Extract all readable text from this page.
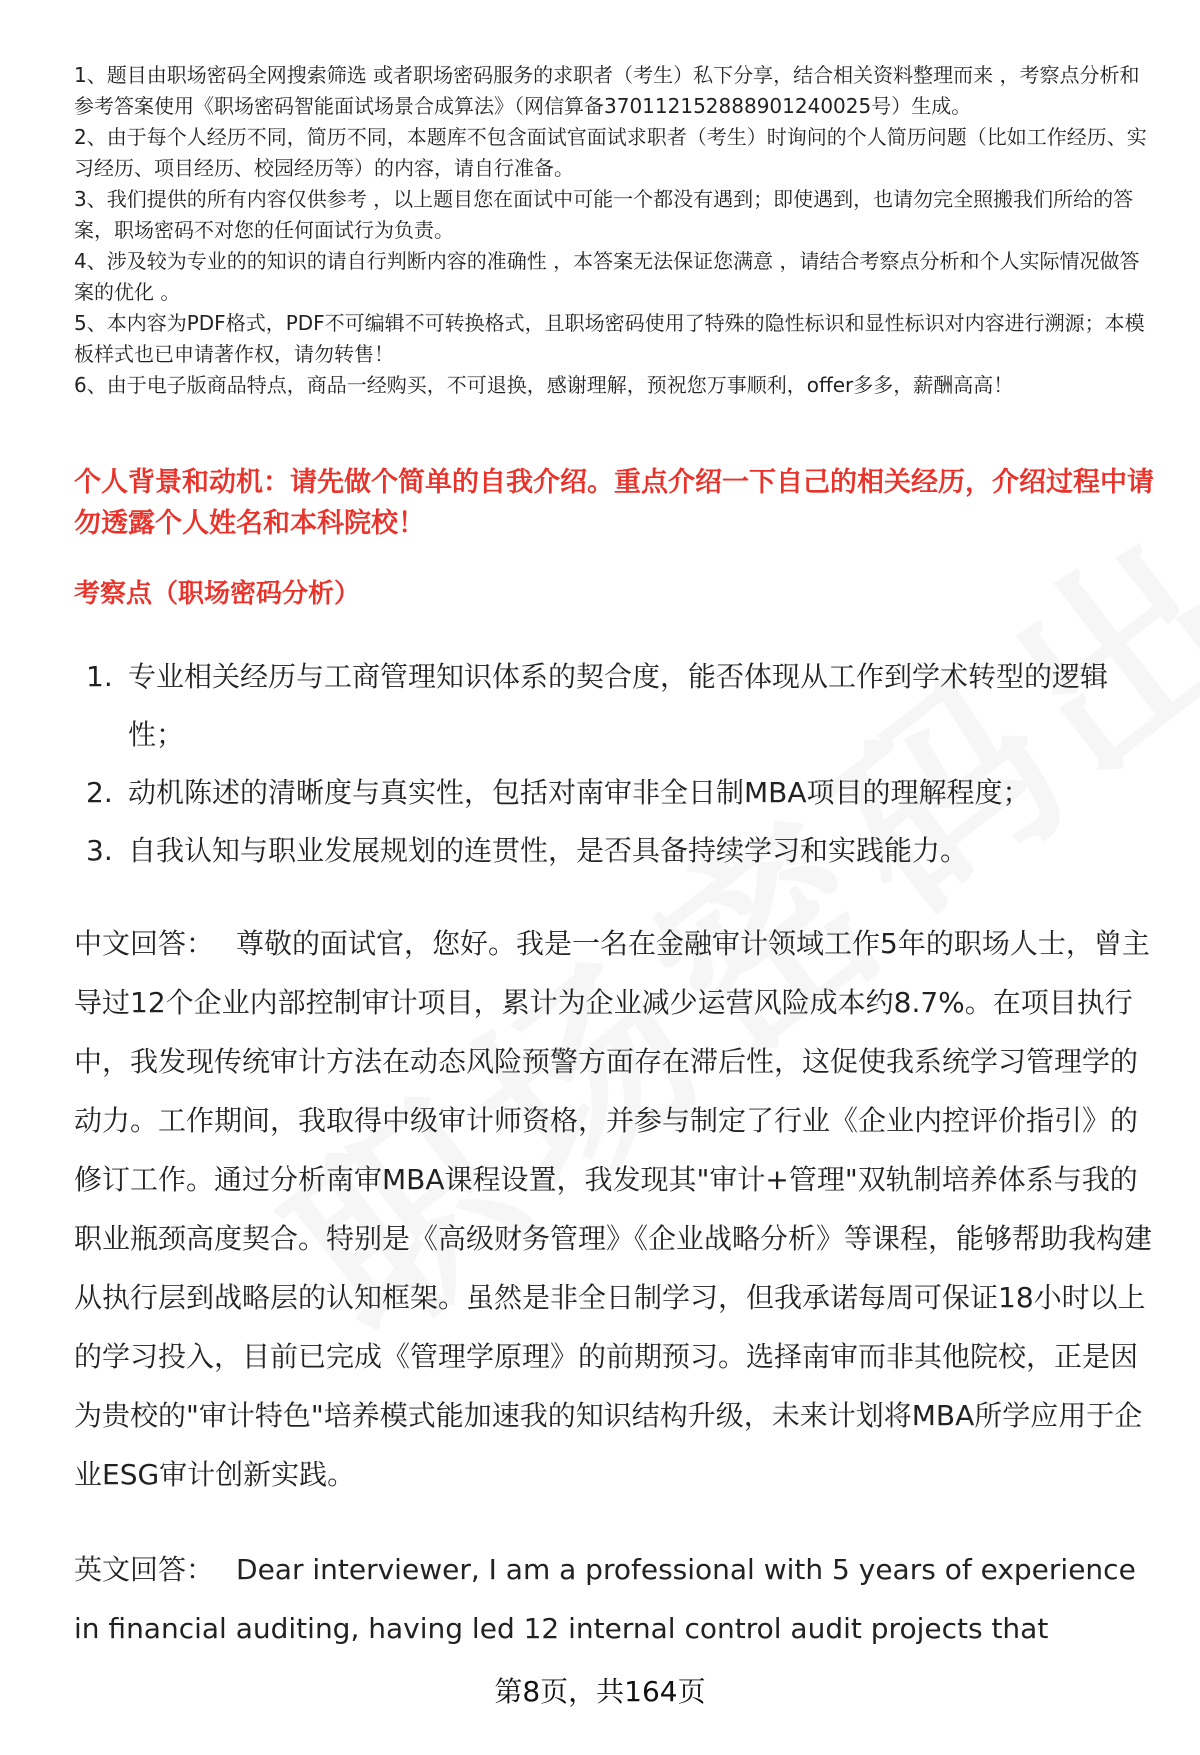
1、题目由职场密码全网搜索筛选 或者职场密码服务的求职者（考生）私下分享，结合相关资料整理而来 ，考察点分析和参考答案使用《职场密码智能面试场景合成算法》（网信算备370112152888901240025号）生成。

2、由于每个人经历不同，简历不同，本题库不包含面试官面试求职者（考生）时询问的个人简历问题（比如工作经历、实习经历、项目经历、校园经历等）的内容，请自行准备。

3、我们提供的所有内容仅供参考 ，以上题目您在面试中可能一个都没有遇到；即使遇到，也请勿完全照搬我们所给的答案，职场密码不对您的任何面试行为负责。

4、涉及较为专业的的知识的请自行判断内容的准确性 ，本答案无法保证您满意 ，请结合考察点分析和个人实际情况做答案的优化 。

5、本内容为PDF格式，PDF不可编辑不可转换格式，且职场密码使用了特殊的隐性标识和显性标识对内容进行溯源；本模板样式也已申请著作权，请勿转售！

6、由于电子版商品特点，商品一经购买，不可退换，感谢理解，预祝您万事顺利，offer多多，薪酬高高！

个人背景和动机：请先做个简单的自我介绍。重点介绍一下自己的相关经历，介绍过程中请勿透露个人姓名和本科院校！
考察点（职场密码分析）
1. 专业相关经历与工商管理知识体系的契合度，能否体现从工作到学术转型的逻辑性；
2. 动机陈述的清晰度与真实性，包括对南审非全日制MBA项目的理解程度；
3. 自我认知与职业发展规划的连贯性，是否具备持续学习和实践能力。

中文回答： 尊敬的面试官，您好。我是一名在金融审计领域工作5年的职场人士，曾主导过12个企业内部控制审计项目，累计为企业减少运营风险成本约8.7%。在项目执行中，我发现传统审计方法在动态风险预警方面存在滞后性，这促使我系统学习管理学的动力。工作期间，我取得中级审计师资格，并参与制定了行业《企业内控评价指引》的修订工作。通过分析南审MBA课程设置，我发现其"审计+管理"双轨制培养体系与我的职业瓶颈高度契合。特别是《高级财务管理》《企业战略分析》等课程，能够帮助我构建从执行层到战略层的认知框架。虽然是非全日制学习，但我承诺每周可保证18小时以上的学习投入，目前已完成《管理学原理》的前期预习。选择南审而非其他院校，正是因为贵校的"审计特色"培养模式能加速我的知识结构升级，未来计划将MBA所学应用于企业ESG审计创新实践。

英文回答： Dear interviewer, I am a professional with 5 years of experience in financial auditing, having led 12 internal control audit projects that

第8页，共164页
